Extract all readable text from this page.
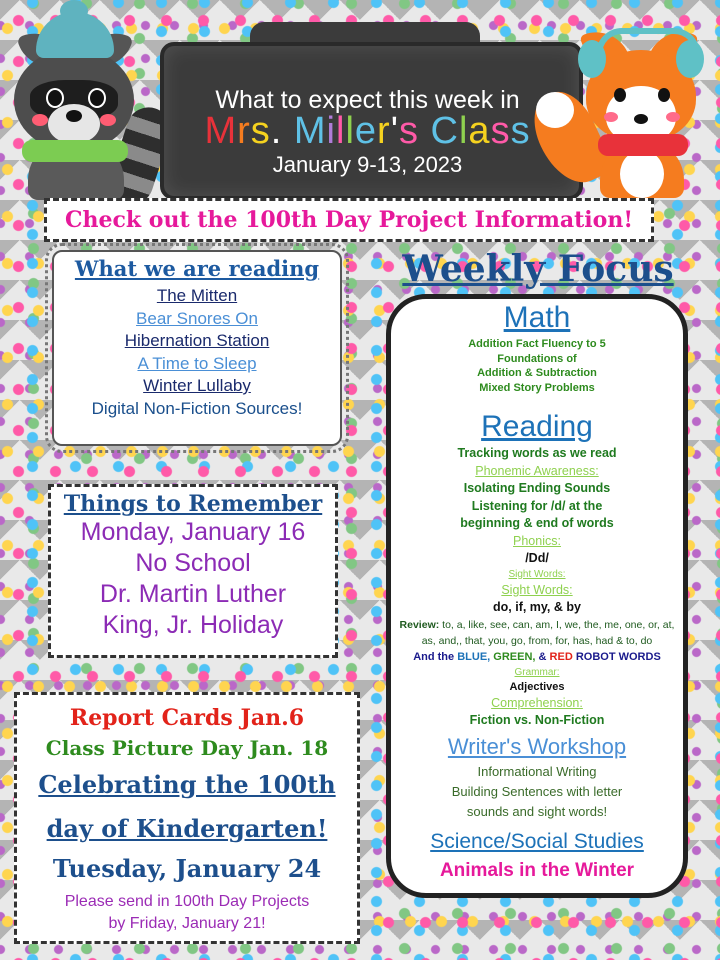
What to expect this week in
Mrs. Miller's Class
January 9-13, 2023
Check out the 100th Day Project Information!
What we are reading
The Mitten
Bear Snores On
Hibernation Station
A Time to Sleep
Winter Lullaby
Digital Non-Fiction Sources!
Things to Remember
Monday, January 16
No School
Dr. Martin Luther
King, Jr. Holiday
Report Cards Jan.6
Class Picture Day Jan. 18
Celebrating the 100th
day of Kindergarten!
Tuesday, January 24
Please send in 100th Day Projects
by Friday, January 21!
Weekly Focus
Math
Addition Fact Fluency to 5
Foundations of
Addition & Subtraction
Mixed Story Problems
Reading
Tracking words as we read
Phonemic Awareness:
Isolating Ending Sounds
Listening for /d/ at the
beginning & end of words
Phonics:
/Dd/
Sight Words:
Sight Words:
do, if, my, & by
Review: to, a, like, see, can, am, I, we, the, me, one, or, at, as, and,, that, you, go, from, for, has, had & to, do
And the BLUE, GREEN, & RED ROBOT WORDS
Grammar:
Adjectives
Comprehension:
Fiction vs. Non-Fiction
Writer's Workshop
Informational Writing
Building Sentences with letter
sounds and sight words!
Science/Social Studies
Animals in the Winter
